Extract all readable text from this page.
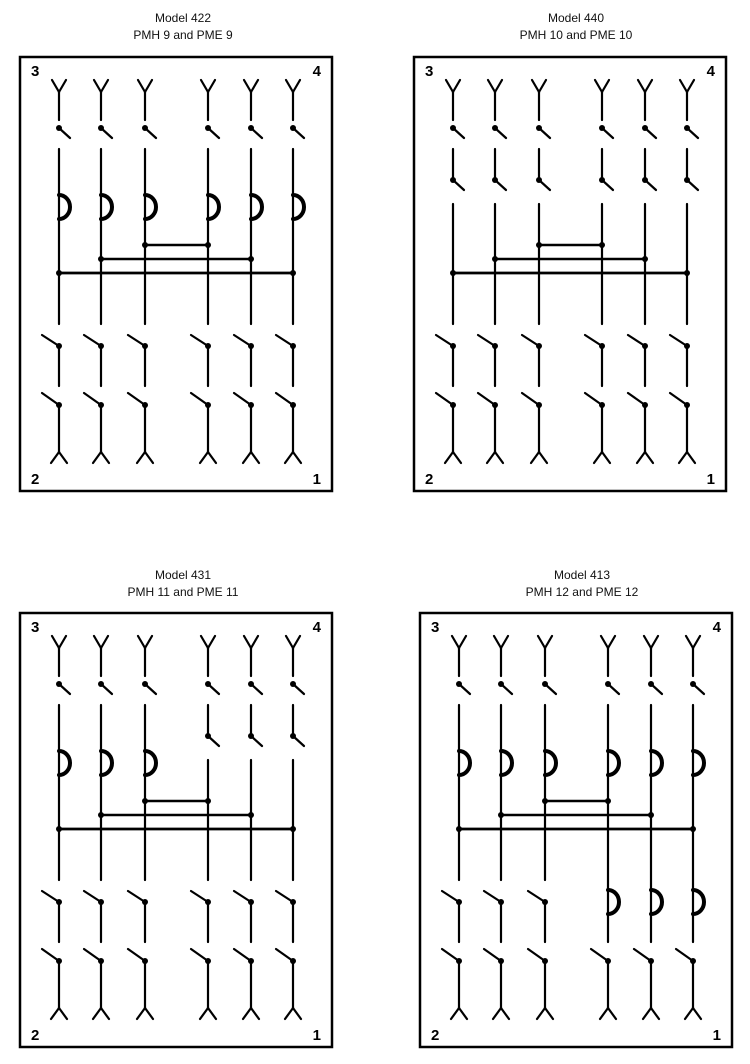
Model 422
PMH 9 and PME 9
3	4
2	1
Model 440
PMH 10 and PME 10
3	4
2	1
Model 431
PMH 11 and PME 11
3	4
2	1
Model 413
PMH 12 and PME 12
3	4
2	1
